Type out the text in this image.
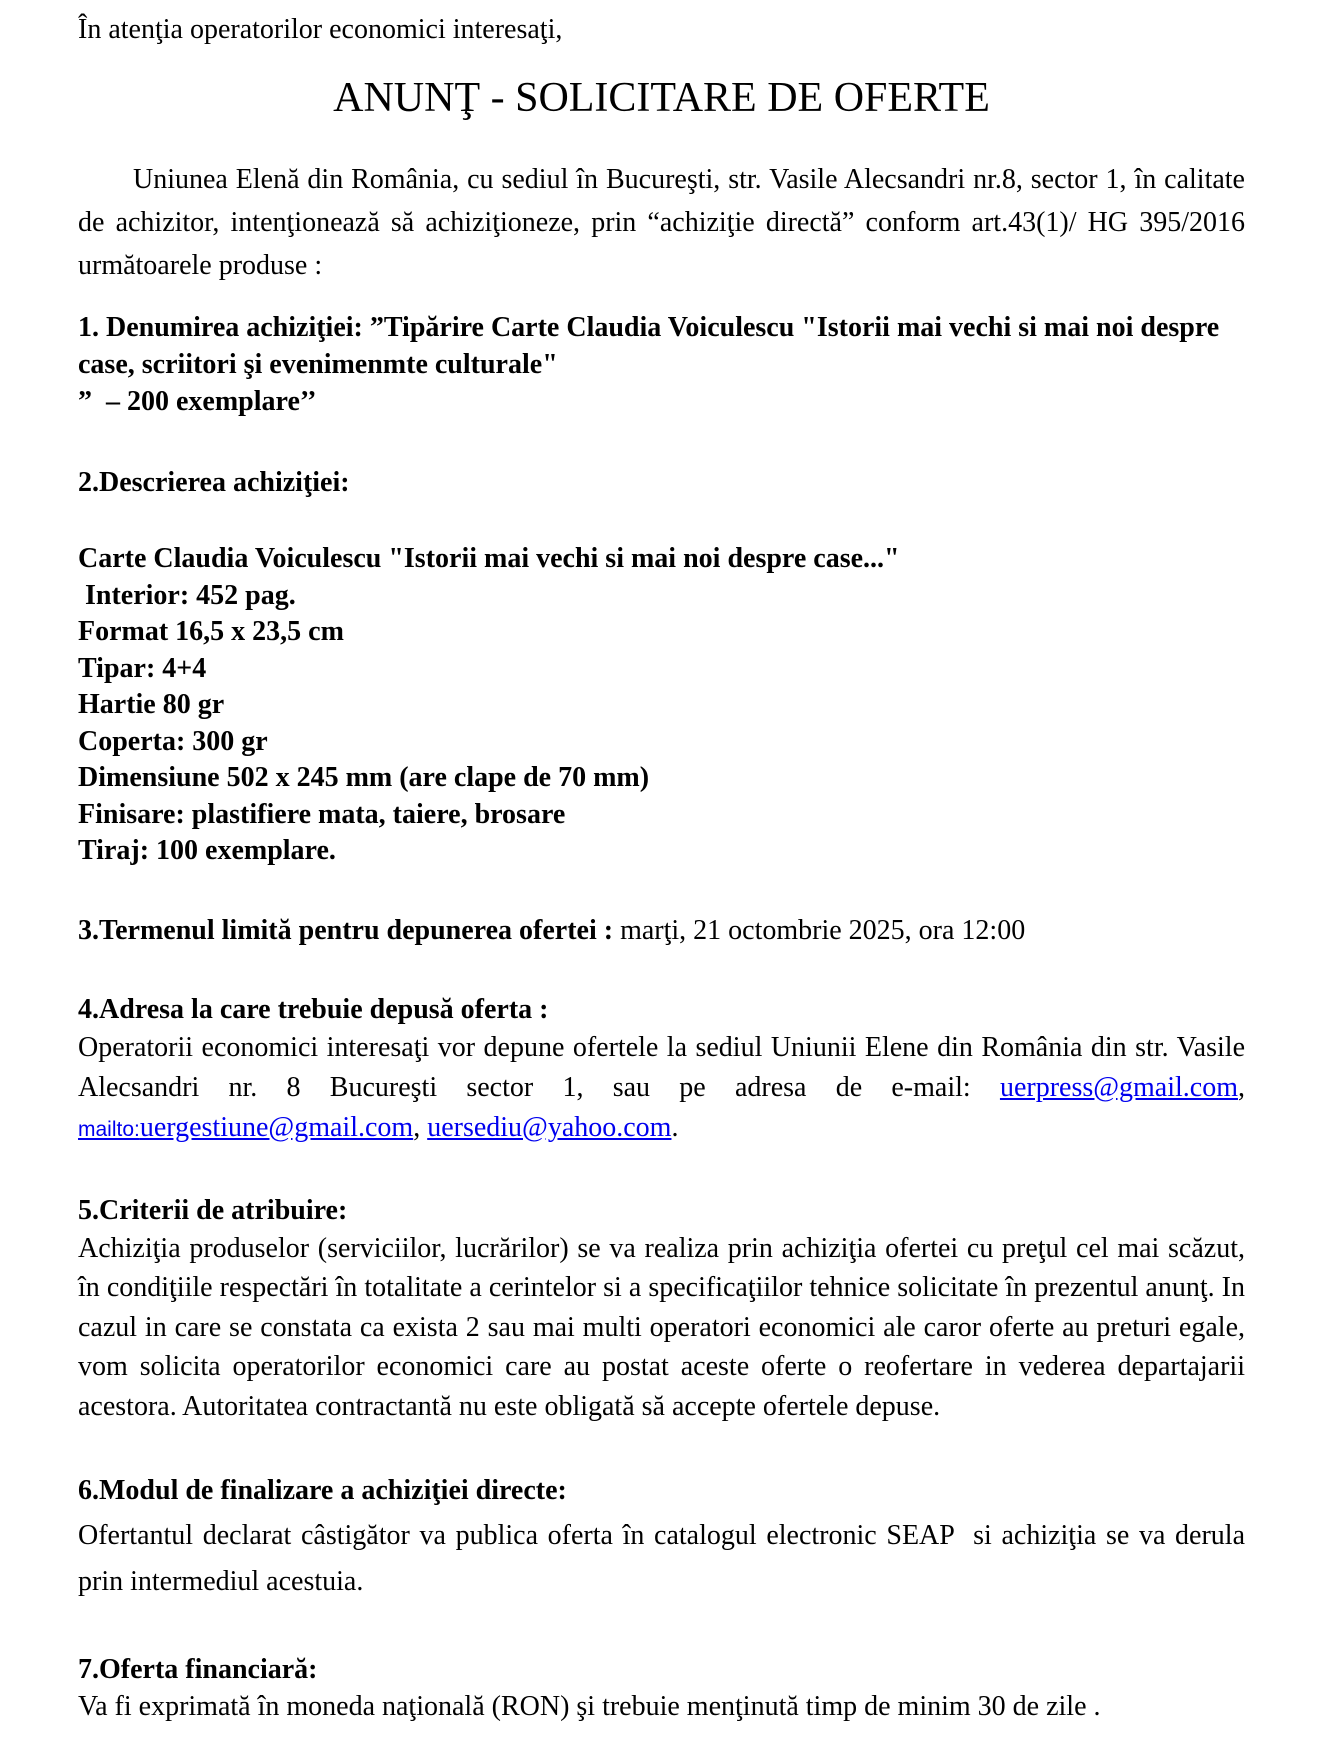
În atenţia operatorilor economici interesaţi,

ANUNŢ - SOLICITARE DE OFERTE

Uniunea Elenă din România, cu sediul în Bucureşti, str. Vasile Alecsandri nr.8, sector 1, în calitate de achizitor, intenţionează să achiziţioneze, prin “achiziţie directă” conform art.43(1)/ HG 395/2016 următoarele produse :

1. Denumirea achiziţiei: ”Tipărire Carte Claudia Voiculescu "Istorii mai vechi si mai noi despre case, scriitori şi evenimenmte culturale"

”  – 200 exemplare’’

2.Descrierea achiziţiei:

Carte Claudia Voiculescu "Istorii mai vechi si mai noi despre case..."

Interior: 452 pag.

Format 16,5 x 23,5 cm

Tipar: 4+4

Hartie 80 gr

Coperta: 300 gr

Dimensiune 502 x 245 mm (are clape de 70 mm)

Finisare: plastifiere mata, taiere, brosare

Tiraj: 100 exemplare.

3.Termenul limită pentru depunerea ofertei : marţi, 21 octombrie 2025, ora 12:00

4.Adresa la care trebuie depusă oferta :

Operatorii economici interesaţi vor depune ofertele la sediul Uniunii Elene din România din str. Vasile Alecsandri nr. 8 Bucureşti sector 1, sau pe adresa de e-mail: uerpress@gmail.com, mailto:uergestiune@gmail.com, uersediu@yahoo.com.

5.Criterii de atribuire:

Achiziţia produselor (serviciilor, lucrărilor) se va realiza prin achiziţia ofertei cu preţul cel mai scăzut, în condiţiile respectări în totalitate a cerintelor si a specificaţiilor tehnice solicitate în prezentul anunţ. In cazul in care se constata ca exista 2 sau mai multi operatori economici ale caror oferte au preturi egale, vom solicita operatorilor economici care au postat aceste oferte o reofertare in vederea departajarii acestora. Autoritatea contractantă nu este obligată să accepte ofertele depuse.

6.Modul de finalizare a achiziţiei directe:

Ofertantul declarat câstigător va publica oferta în catalogul electronic SEAP  si achiziţia se va derula prin intermediul acestuia.

7.Oferta financiară:

Va fi exprimată în moneda naţională (RON) şi trebuie menţinută timp de minim 30 de zile .
